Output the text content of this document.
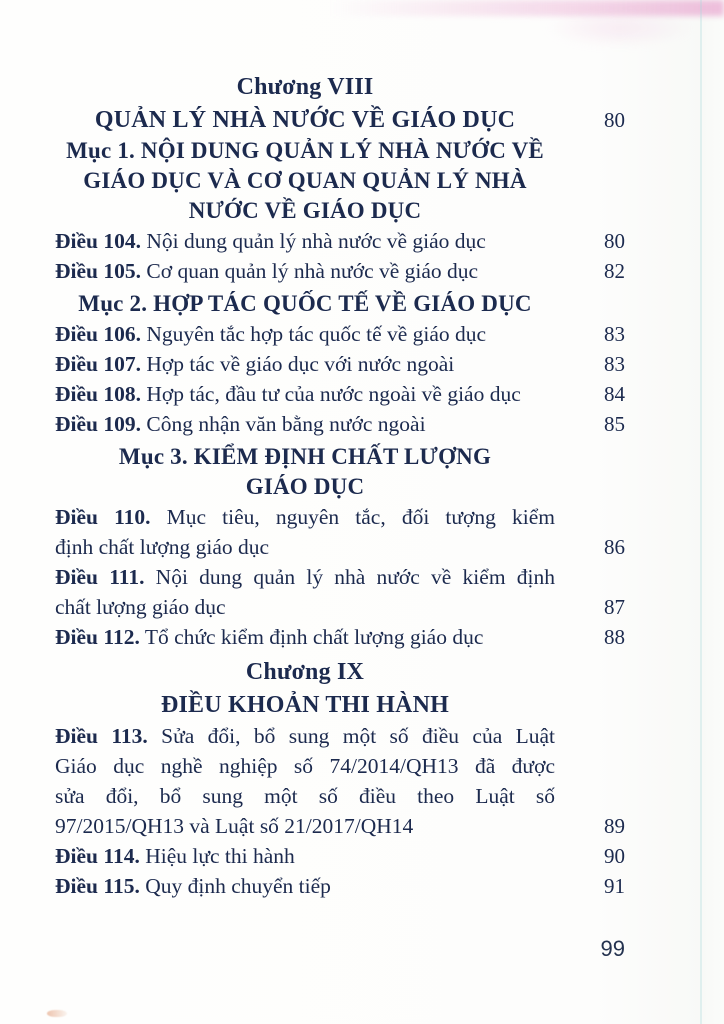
Chương VIII
QUẢN LÝ NHÀ NƯỚC VỀ GIÁO DỤC	80
Mục 1. NỘI DUNG QUẢN LÝ NHÀ NƯỚC VỀ
GIÁO DỤC VÀ CƠ QUAN QUẢN LÝ NHÀ
NƯỚC VỀ GIÁO DỤC
Điều 104. Nội dung quản lý nhà nước về giáo dục	80
Điều 105. Cơ quan quản lý nhà nước về giáo dục	82
Mục 2. HỢP TÁC QUỐC TẾ VỀ GIÁO DỤC
Điều 106. Nguyên tắc hợp tác quốc tế về giáo dục	83
Điều 107. Hợp tác về giáo dục với nước ngoài	83
Điều 108. Hợp tác, đầu tư của nước ngoài về giáo dục	84
Điều 109. Công nhận văn bằng nước ngoài	85
Mục 3. KIỂM ĐỊNH CHẤT LƯỢNG
GIÁO DỤC
Điều 110. Mục tiêu, nguyên tắc, đối tượng kiểm
định chất lượng giáo dục	86
Điều 111. Nội dung quản lý nhà nước về kiểm định
chất lượng giáo dục	87
Điều 112. Tổ chức kiểm định chất lượng giáo dục	88
Chương IX
ĐIỀU KHOẢN THI HÀNH
Điều 113. Sửa đổi, bổ sung một số điều của Luật
Giáo dục nghề nghiệp số 74/2014/QH13 đã được
sửa đổi, bổ sung một số điều theo Luật số
97/2015/QH13 và Luật số 21/2017/QH14	89
Điều 114. Hiệu lực thi hành	90
Điều 115. Quy định chuyển tiếp	91
99
